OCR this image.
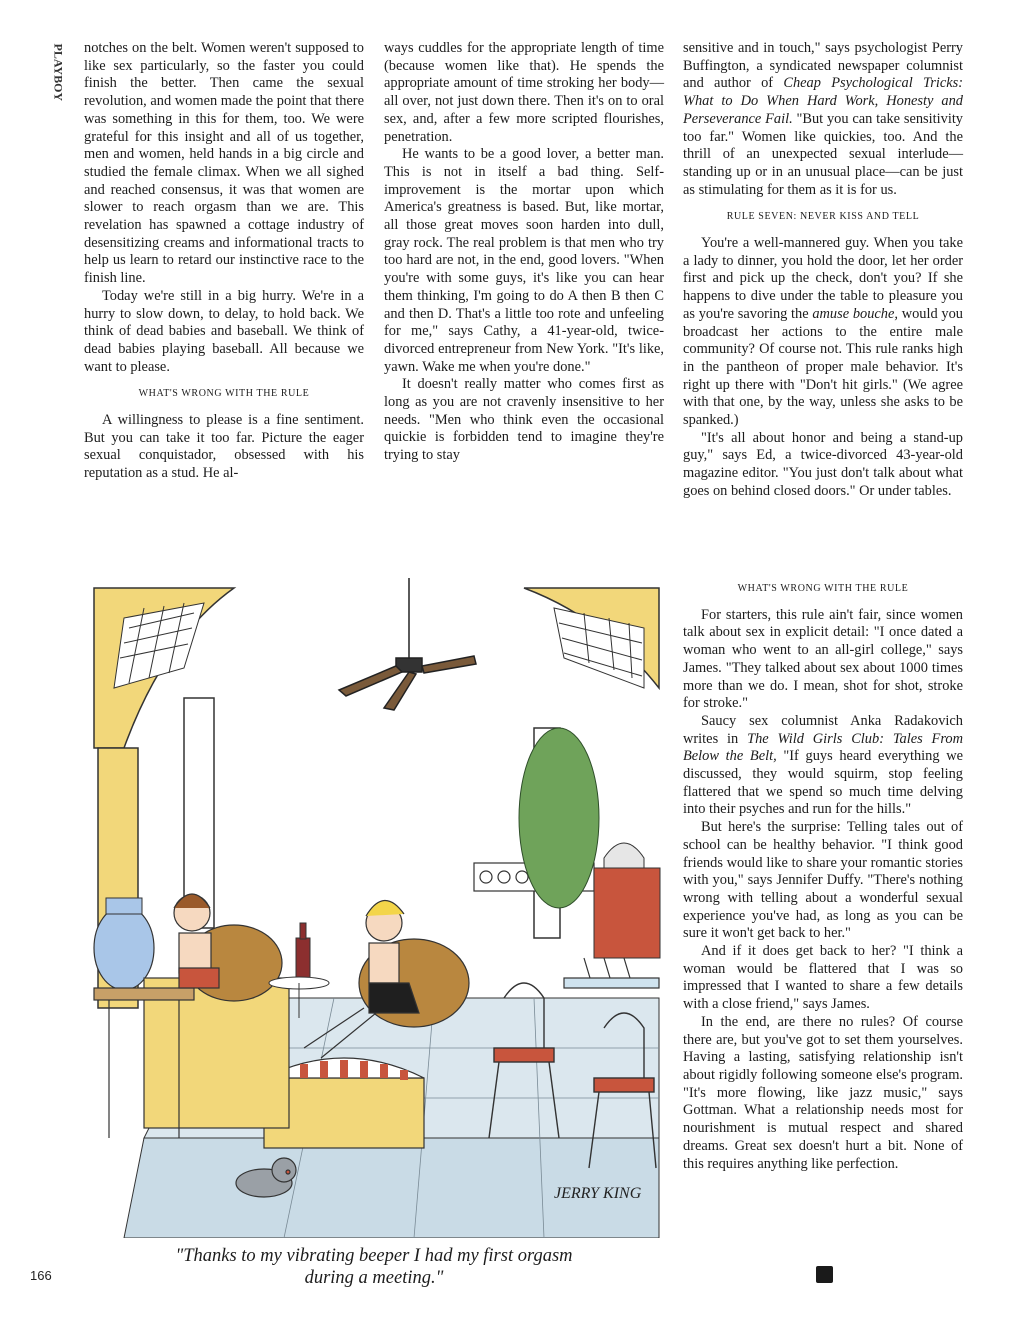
PLAYBOY notches on the belt. Women weren't supposed to like sex particularly, so the faster you could finish the better. Then came the sexual revolution, and women made the point that there was something in this for them, too. We were grateful for this insight and all of us together, men and women, held hands in a big circle and studied the female climax. When we all sighed and reached consensus, it was that women are slower to reach orgasm than we are. This revelation has spawned a cottage industry of desensitizing creams and informational tracts to help us learn to retard our instinctive race to the finish line.

Today we're still in a big hurry. We're in a hurry to slow down, to delay, to hold back. We think of dead babies and baseball. We think of dead babies playing baseball. All because we want to please.

WHAT'S WRONG WITH THE RULE

A willingness to please is a fine sentiment. But you can take it too far. Picture the eager sexual conquistador, obsessed with his reputation as a stud. He al-

ways cuddles for the appropriate length of time (because women like that). He spends the appropriate amount of time stroking her body—all over, not just down there. Then it's on to oral sex, and, after a few more scripted flourishes, penetration.

He wants to be a good lover, a better man. This is not in itself a bad thing. Self-improvement is the mortar upon which America's greatness is based. But, like mortar, all those great moves soon harden into dull, gray rock. The real problem is that men who try too hard are not, in the end, good lovers. "When you're with some guys, it's like you can hear them thinking, I'm going to do A then B then C and then D. That's a little too rote and unfeeling for me," says Cathy, a 41-year-old, twice-divorced entrepreneur from New York. "It's like, yawn. Wake me when you're done."

It doesn't really matter who comes first as long as you are not cravenly insensitive to her needs. "Men who think even the occasional quickie is forbidden tend to imagine they're trying to stay

sensitive and in touch," says psychologist Perry Buffington, a syndicated newspaper columnist and author of Cheap Psychological Tricks: What to Do When Hard Work, Honesty and Perseverance Fail. "But you can take sensitivity too far." Women like quickies, too. And the thrill of an unexpected sexual interlude—standing up or in an unusual place—can be just as stimulating for them as it is for us.

RULE SEVEN: NEVER KISS AND TELL

You're a well-mannered guy. When you take a lady to dinner, you hold the door, let her order first and pick up the check, don't you? If she happens to dive under the table to pleasure you as you're savoring the amuse bouche, would you broadcast her actions to the entire male community? Of course not. This rule ranks high in the pantheon of proper male behavior. It's right up there with "Don't hit girls." (We agree with that one, by the way, unless she asks to be spanked.)

"It's all about honor and being a stand-up guy," says Ed, a twice-divorced 43-year-old magazine editor. "You just don't talk about what goes on behind closed doors." Or under tables.

WHAT'S WRONG WITH THE RULE

For starters, this rule ain't fair, since women talk about sex in explicit detail: "I once dated a woman who went to an all-girl college," says James. "They talked about sex about 1000 times more than we do. I mean, shot for shot, stroke for stroke."

Saucy sex columnist Anka Radakovich writes in The Wild Girls Club: Tales From Below the Belt, "If guys heard everything we discussed, they would squirm, stop feeling flattered that we spend so much time delving into their psyches and run for the hills."

But here's the surprise: Telling tales out of school can be healthy behavior. "I think good friends would like to share your romantic stories with you," says Jennifer Duffy. "There's nothing wrong with telling about a wonderful sexual experience you've had, as long as you can be sure it won't get back to her."

And if it does get back to her? "I think a woman would be flattered that I was so impressed that I wanted to share a few details with a close friend," says James.

In the end, are there no rules? Of course there are, but you've got to set them yourselves. Having a lasting, satisfying relationship isn't about rigidly following someone else's program. "It's more flowing, like jazz music," says Gottman. What a relationship needs most for nourishment is mutual respect and shared dreams. Great sex doesn't hurt a bit. None of this requires anything like perfection.

JERRY KING

"Thanks to my vibrating beeper I had my first orgasm
during a meeting."
166
